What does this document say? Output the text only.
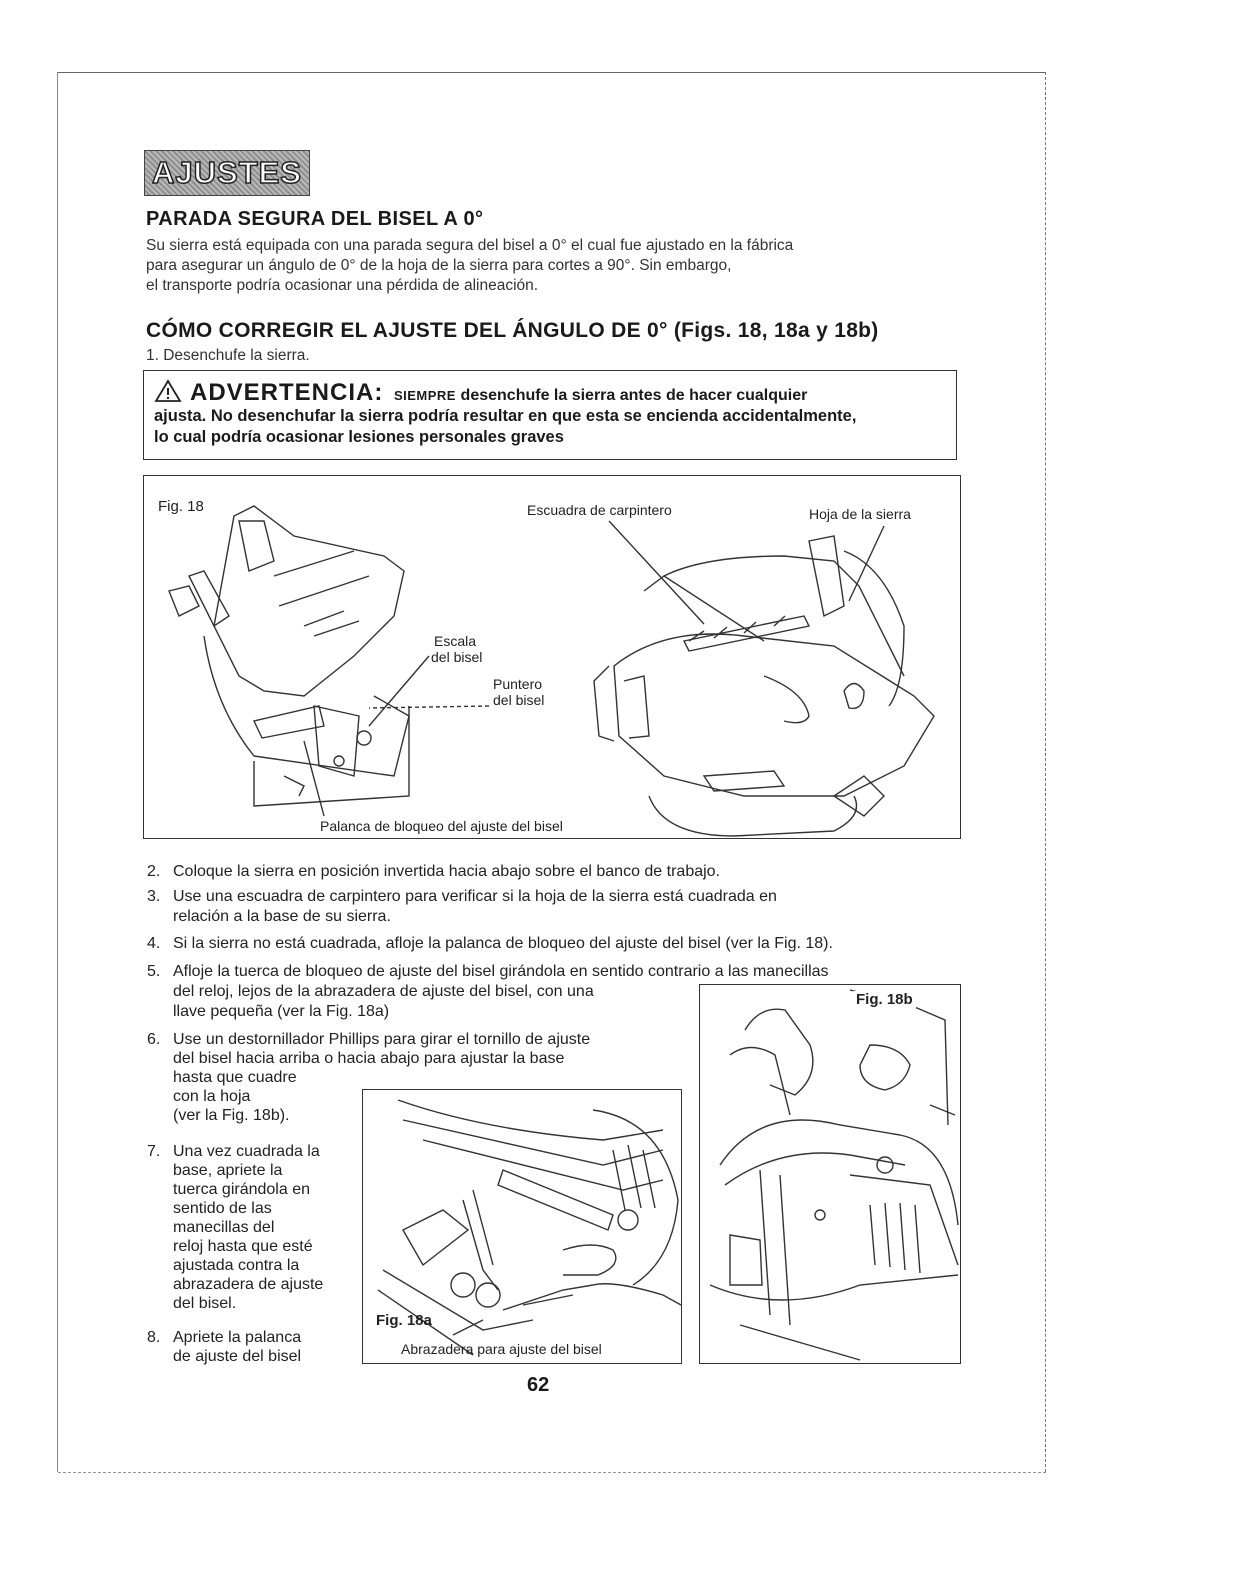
AJUSTES
PARADA SEGURA DEL BISEL A 0°
Su sierra está equipada con una parada segura del bisel a 0° el cual fue ajustado en la fábrica
para asegurar un ángulo de 0° de la hoja de la sierra para cortes a 90°. Sin embargo,
el transporte podría ocasionar una pérdida de alineación.
CÓMO CORREGIR EL AJUSTE DEL ÁNGULO DE 0° (Figs. 18, 18a y 18b)
1. Desenchufe la sierra.
ADVERTENCIA: SIEMPRE desenchufe la sierra antes de hacer cualquier
ajusta. No desenchufar la sierra podría resultar en que esta se encienda accidentalmente,
lo cual podría ocasionar lesiones personales graves
Fig. 18	Escuadra de carpintero	Hoja de la sierra
Escala
del bisel
Puntero
del bisel
Palanca de bloqueo del ajuste del bisel
2. Coloque la sierra en posición invertida hacia abajo sobre el banco de trabajo.
3. Use una escuadra de carpintero para verificar si la hoja de la sierra está cuadrada en
relación a la base de su sierra.
4. Si la sierra no está cuadrada, afloje la palanca de bloqueo del ajuste del bisel (ver la Fig. 18).
5. Afloje la tuerca de bloqueo de ajuste del bisel girándola en sentido contrario a las manecillas
del reloj, lejos de la abrazadera de ajuste del bisel, con una
llave pequeña (ver la Fig. 18a)
6. Use un destornillador Phillips para girar el tornillo de ajuste
del bisel hacia arriba o hacia abajo para ajustar la base
hasta que cuadre
con la hoja
(ver la Fig. 18b).
7. Una vez cuadrada la
base, apriete la
tuerca girándola en
sentido de las
manecillas del
reloj hasta que esté
ajustada contra la
abrazadera de ajuste
del bisel.
8. Apriete la palanca
de ajuste del bisel
Fig. 18a
Abrazadera para ajuste del bisel
Fig. 18b
62
